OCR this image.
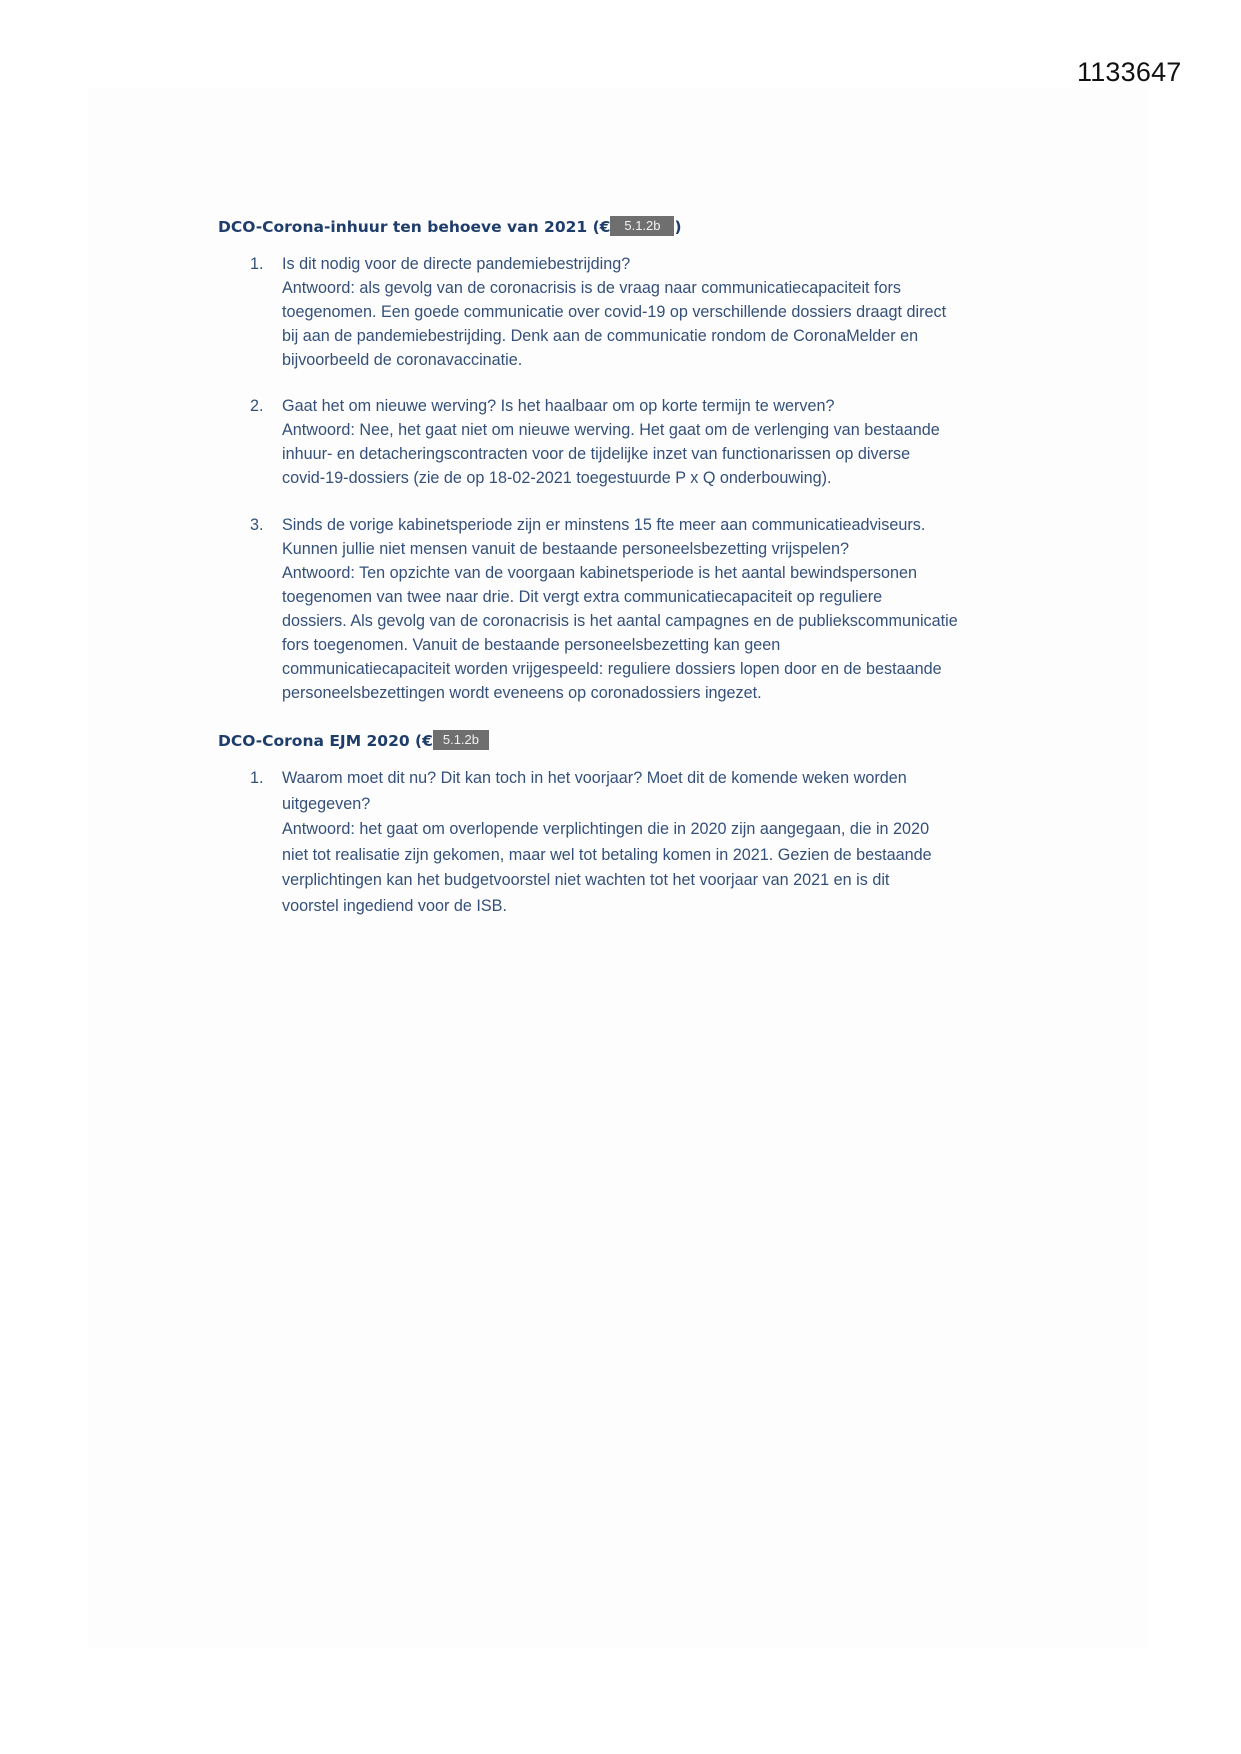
1133647
DCO-Corona-inhuur ten behoeve van 2021 (€ 5.1.2b )
1.	Is dit nodig voor de directe pandemiebestrijding?
Antwoord: als gevolg van de coronacrisis is de vraag naar communicatiecapaciteit fors
toegenomen. Een goede communicatie over covid-19 op verschillende dossiers draagt direct
bij aan de pandemiebestrijding. Denk aan de communicatie rondom de CoronaMelder en
bijvoorbeeld de coronavaccinatie.
2.	Gaat het om nieuwe werving? Is het haalbaar om op korte termijn te werven?
Antwoord: Nee, het gaat niet om nieuwe werving. Het gaat om de verlenging van bestaande
inhuur- en detacheringscontracten voor de tijdelijke inzet van functionarissen op diverse
covid-19-dossiers (zie de op 18-02-2021 toegestuurde P x Q onderbouwing).
3.	Sinds de vorige kabinetsperiode zijn er minstens 15 fte meer aan communicatieadviseurs.
Kunnen jullie niet mensen vanuit de bestaande personeelsbezetting vrijspelen?
Antwoord: Ten opzichte van de voorgaan kabinetsperiode is het aantal bewindspersonen
toegenomen van twee naar drie. Dit vergt extra communicatiecapaciteit op reguliere
dossiers. Als gevolg van de coronacrisis is het aantal campagnes en de publiekscommunicatie
fors toegenomen. Vanuit de bestaande personeelsbezetting kan geen
communicatiecapaciteit worden vrijgespeeld: reguliere dossiers lopen door en de bestaande
personeelsbezettingen wordt eveneens op coronadossiers ingezet.
DCO-Corona EJM 2020 (€ 5.1.2b
1.	Waarom moet dit nu? Dit kan toch in het voorjaar? Moet dit de komende weken worden
uitgegeven?
Antwoord: het gaat om overlopende verplichtingen die in 2020 zijn aangegaan, die in 2020
niet tot realisatie zijn gekomen, maar wel tot betaling komen in 2021. Gezien de bestaande
verplichtingen kan het budgetvoorstel niet wachten tot het voorjaar van 2021 en is dit
voorstel ingediend voor de ISB.
